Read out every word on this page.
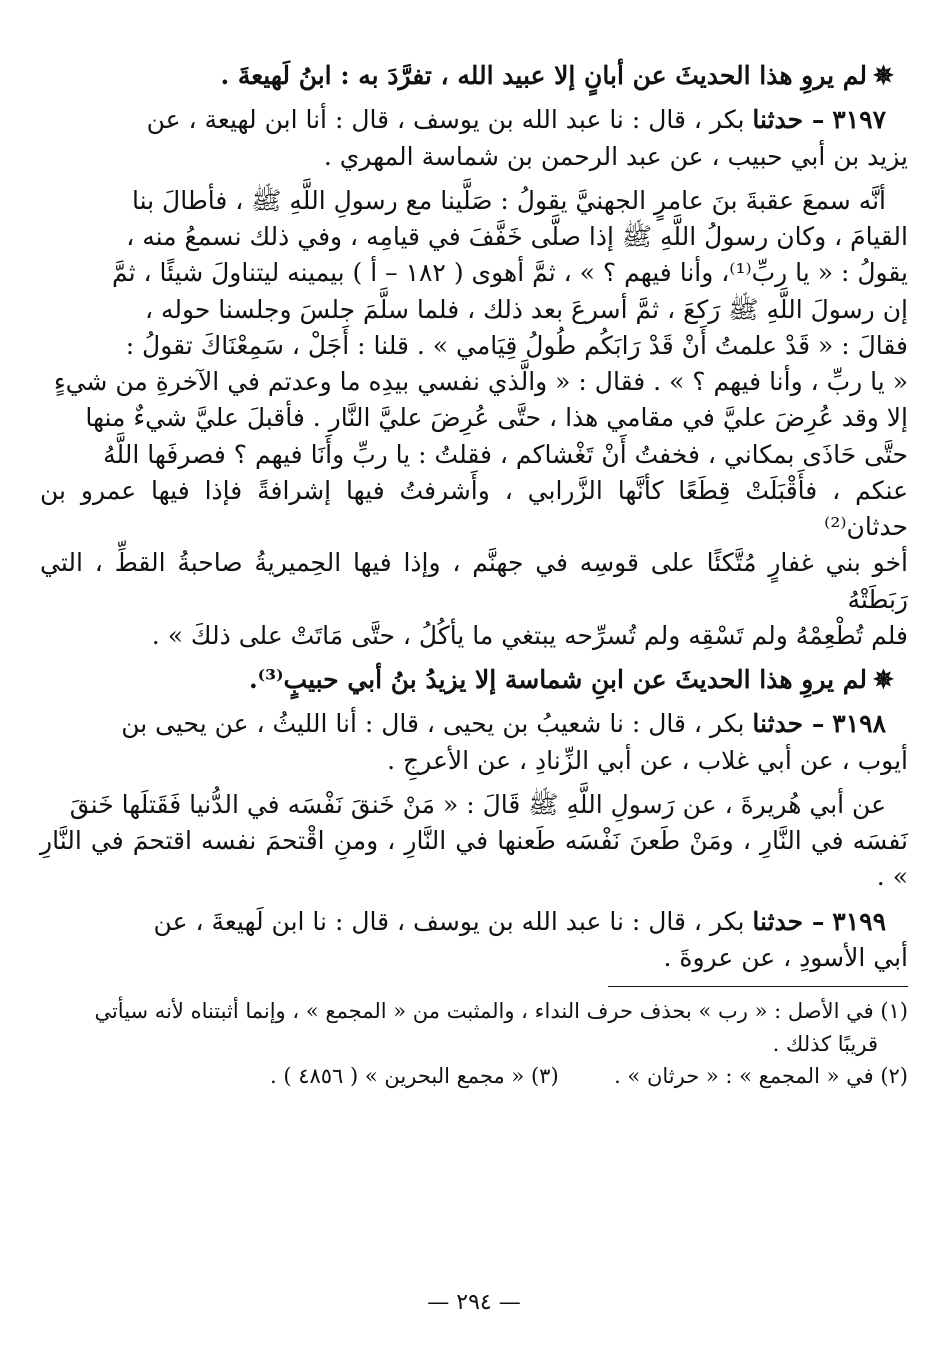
✵لم يروِ هذا الحديثَ عن أبانٍ إلا عبيد الله ، تفرَّدَ به : ابنُ لَهيعةَ .

٣١٩٧ – حدثنا بكر ، قال : نا عبد الله بن يوسف ، قال : أنا ابن لهيعة ، عن

يزيد بن أبي حبيب ، عن عبد الرحمن بن شماسة المهري .

أنَّه سمعَ عقبةَ بنَ عامرٍ الجهنيَّ يقولُ : صَلَّينا مع رسولِ اللَّهِ ﷺ ، فأطالَ بنا

القيامَ ، وكان رسولُ اللَّهِ ﷺ إذا صلَّى خَفَّفَ في قيامِه ، وفي ذلك نسمعُ منه ،

يقولُ : « يا ربِّ⁽¹⁾، وأنا فيهم ؟ » ، ثمَّ أهوى ( ١٨٢ – أ ) بيمينه ليتناولَ شيئًا ، ثمَّ

إن رسولَ اللَّهِ ﷺ رَكعَ ، ثمَّ أسرعَ بعد ذلك ، فلما سلَّمَ جلسَ وجلسنا حوله ،

فقالَ : « قَدْ علمتُ أَنْ قَدْ رَابَكُم طُولُ قِيَامي » . قلنا : أَجَلْ ، سَمِعْنَاكَ تقولُ :

« يا ربِّ ، وأنا فيهم ؟ » . فقال : « والَّذي نفسي بيدِه ما وعدتم في الآخرةِ من شيءٍ

إلا وقد عُرِضَ عليَّ في مقامي هذا ، حتَّى عُرِضَ عليَّ النَّار . فأقبلَ عليَّ شيءٌ منها

حتَّى حَاذَى بمكاني ، فخفتُ أَنْ تَغْشاكم ، فقلتُ : يا ربِّ وأَنَا فيهم ؟ فصرفَها اللَّهُ

عنكم ، فأَقْبَلَتْ قِطَعًا كأنَّها الزَّرابي ، وأَشرفتُ فيها إشرافةً فإذا فيها عمرو بن حدثان⁽²⁾

أخو بني غفارٍ مُتَّكئًا على قوسِه في جهنَّم ، وإذا فيها الحِميريةُ صاحبةُ القطِّ ، التي رَبَطَتْهُ

فلم تُطْعِمْهُ ولم تَسْقِه ولم تُسرِّحه يبتغي ما يأكُلُ ، حتَّى مَاتَتْ على ذلكَ » .

✵لم يروِ هذا الحديثَ عن ابنِ شماسة إلا يزيدُ بنُ أبي حبيبٍ⁽³⁾.

٣١٩٨ – حدثنا بكر ، قال : نا شعيبُ بن يحيى ، قال : أنا الليثُ ، عن يحيى بن

أيوب ، عن أبي غلاب ، عن أبي الزِّنادِ ، عن الأعرجِ .

عن أبي هُريرةَ ، عن رَسولِ اللَّهِ ﷺ قَالَ : « مَنْ خَنقَ نَفْسَه في الدُّنيا فَقَتلَها خَنقَ

نَفسَه في النَّارِ ، ومَنْ طَعنَ نَفْسَه طَعنها في النَّارِ ، ومنِ اقْتحمَ نفسه اقتحمَ في النَّارِ » .

٣١٩٩ – حدثنا بكر ، قال : نا عبد الله بن يوسف ، قال : نا ابن لَهيعةَ ، عن

أبي الأسودِ ، عن عروةَ .

(١) في الأصل : « رب » بحذف حرف النداء ، والمثبت من « المجمع » ، وإنما أثبتناه لأنه سيأتي

قريبًا كذلك .

(٢) في « المجمع » : « حرثان » .
(٣) « مجمع البحرين » ( ٤٨٥٦ ) .
— ٢٩٤ —
